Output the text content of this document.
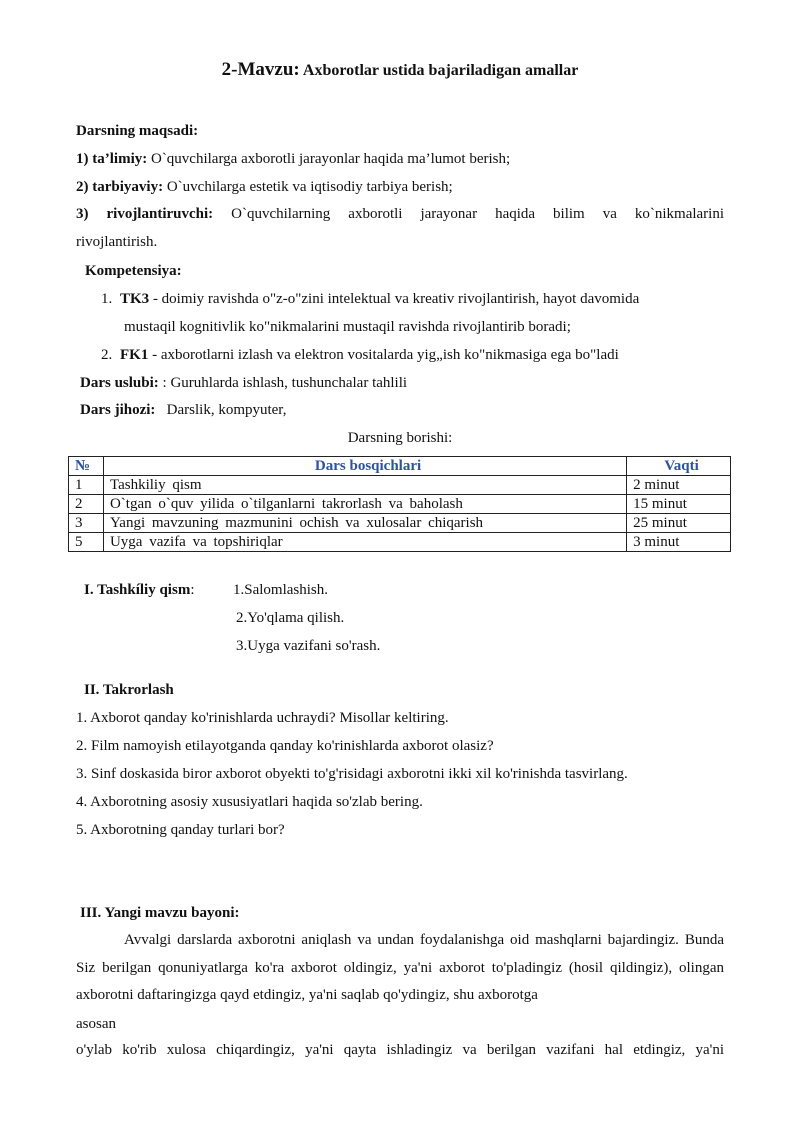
2-Mavzu: Axborotlar ustida bajariladigan amallar
Darsning maqsadi:
1) ta’limiy: O`quvchilarga axborotli jarayonlar haqida ma’lumot berish;
2) tarbiyaviy: O`uvchilarga estetik va iqtisodiy tarbiya berish;
3) rivojlantiruvchi: O`quvchilarning axborotli jarayonar haqida bilim va ko`nikmalarini
rivojlantirish.
Kompetensiya:
1. TK3 - doimiy ravishda o"z-o"zini intelektual va kreativ rivojlantirish, hayot davomida
mustaqil kognitivlik ko"nikmalarini mustaqil ravishda rivojlantirib boradi;
2. FK1 - axborotlarni izlash va elektron vositalarda yig„ish ko"nikmasiga ega bo"ladi
Dars uslubi: : Guruhlarda ishlash, tushunchalar tahlili
Dars jihozi: Darslik, kompyuter,
Darsning borishi:
№	Dars bosqichlari	Vaqti
1	Tashkiliy qism	2 minut
2	O`tgan o`quv yilida o`tilganlarni takrorlash va baholash	15 minut
3	Yangi mavzuning mazmunini ochish va xulosalar chiqarish	25 minut
5	Uyga vazifa va topshiriqlar	3 minut
I. Tashkíliy qism:	1.Salomlashish.
2.Yo'qlama qilish.
3.Uyga vazifani so'rash.
II. Takrorlash
1. Axborot qanday ko'rinishlarda uchraydi? Misollar keltiring.
2. Film namoyish etilayotganda qanday ko'rinishlarda axborot olasiz?
3. Sinf doskasida biror axborot obyekti to'g'risidagi axborotni ikki xil ko'rinishda tasvirlang.
4. Axborotning asosiy xususiyatlari haqida so'zlab bering.
5. Axborotning qanday turlari bor?
III. Yangi mavzu bayoni:
Avvalgi darslarda axborotni aniqlash va undan foydalanishga oid mashqlarni bajardingiz. Bunda Siz berilgan qonuniyatlarga ko'ra axborot oldingiz, ya'ni axborot to'pladingiz (hosil qildingiz), olingan axborotni daftaringizga qayd etdingiz, ya'ni saqlab qo'ydingiz, shu axborotga
asosan
o'ylab ko'rib xulosa chiqardingiz, ya'ni qayta ishladingiz va berilgan vazifani hal etdingiz, ya'ni
